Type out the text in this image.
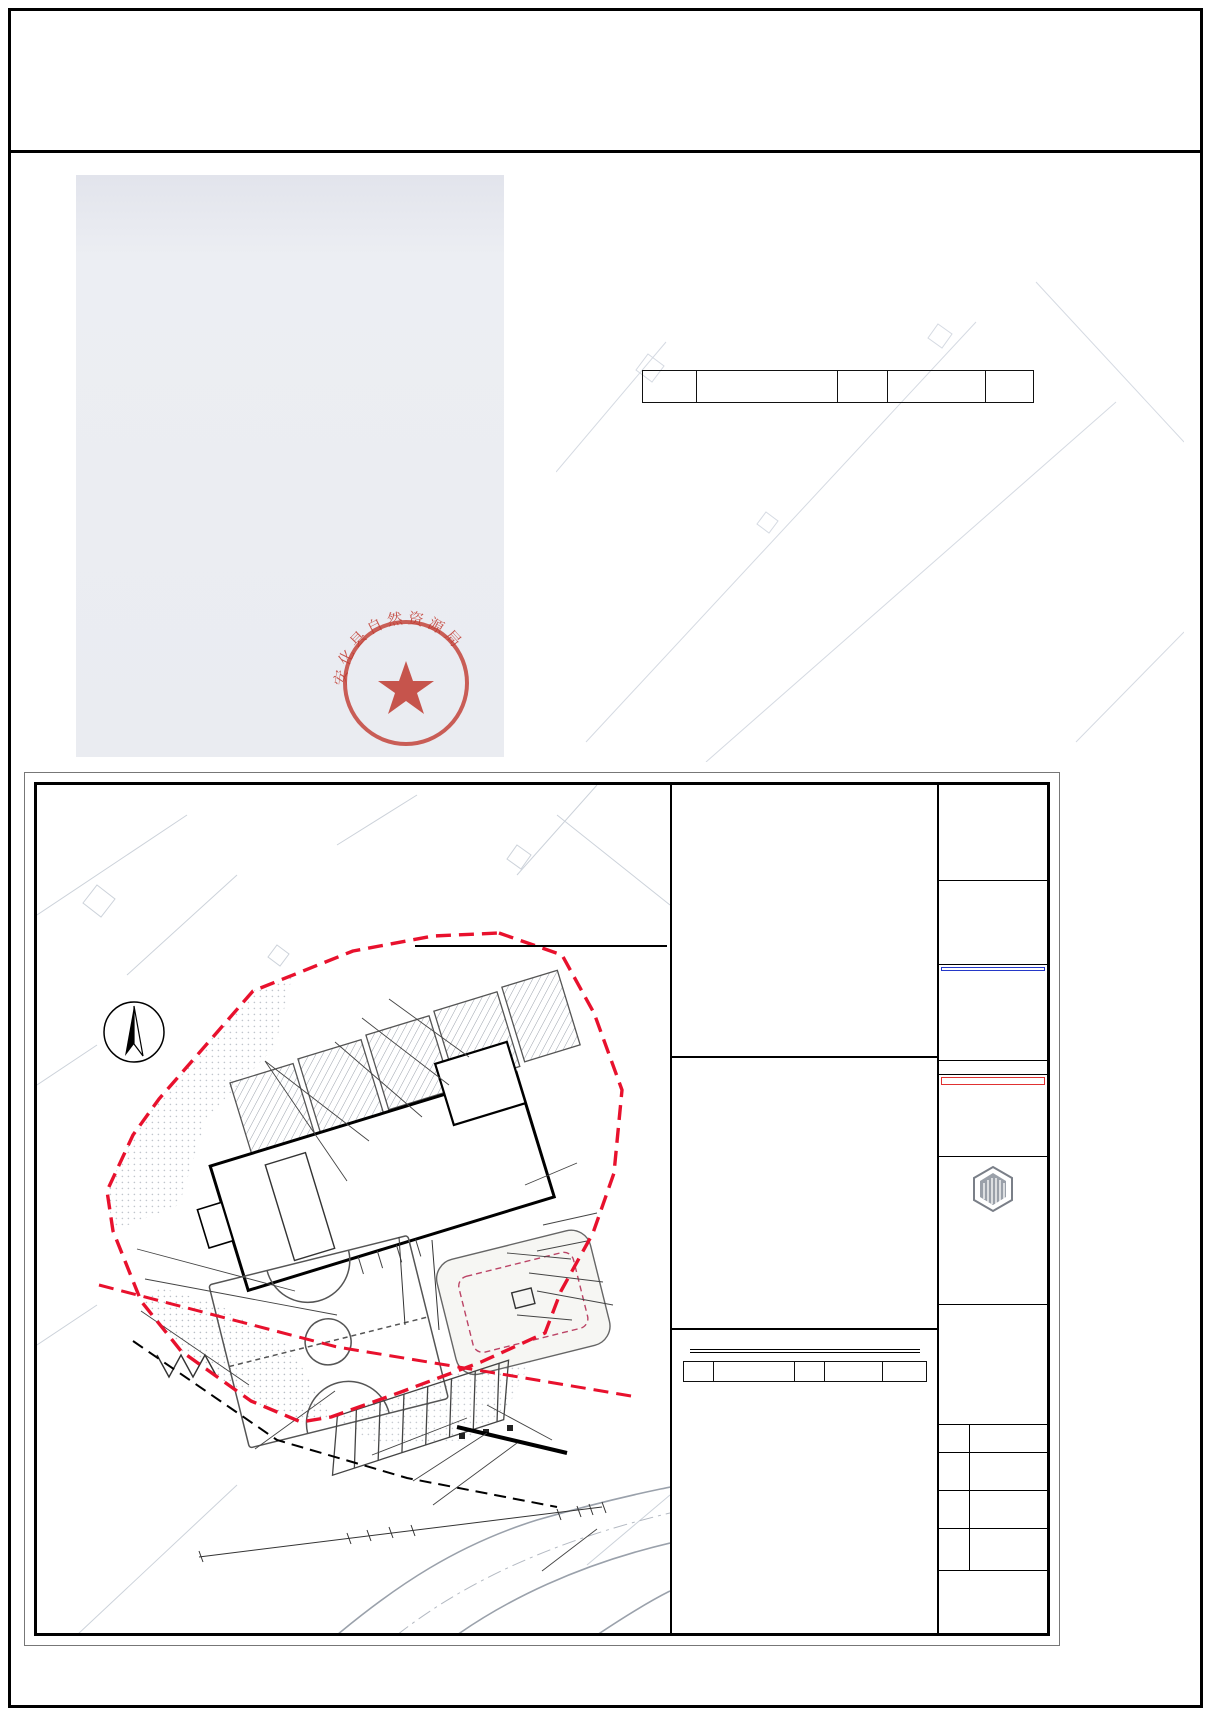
安化县自然资源局
